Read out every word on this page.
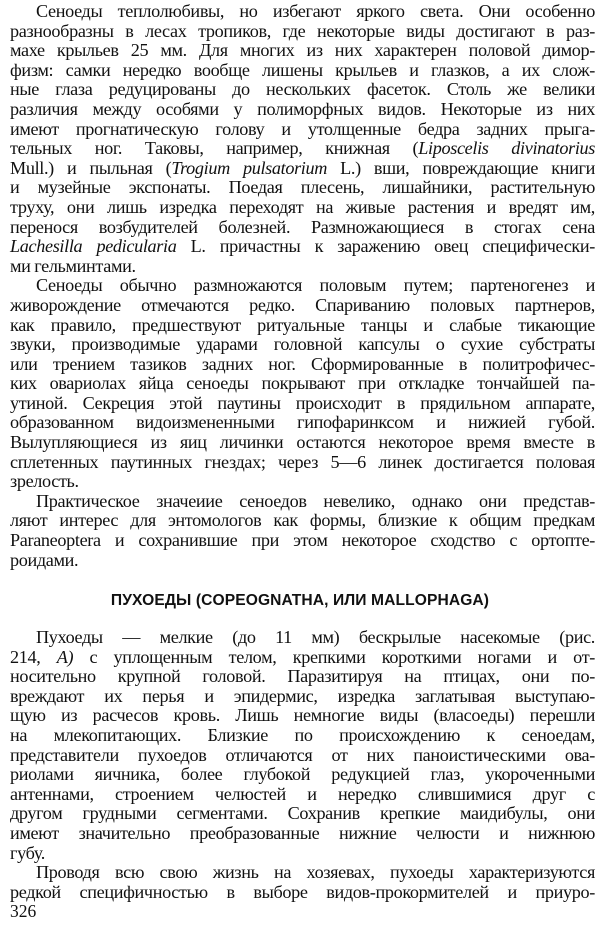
Сеноеды теплолюбивы, но избегают яркого света. Они особенно
разнообразны в лесах тропиков, где некоторые виды достигают в раз-
махе крыльев 25 мм. Для многих из них характерен половой димор-
физм: самки нередко вообще лишены крыльев и глазков, а их слож-
ные глаза редуцированы до нескольких фасеток. Столь же велики
различия между особями у полиморфных видов. Некоторые из них
имеют прогнатическую голову и утолщенные бедра задних прыга-
тельных ног. Таковы, например, книжная (Liposcelis divinatorius
Mull.) и пыльная (Trogium pulsatorium L.) вши, повреждающие книги
и музейные экспонаты. Поедая плесень, лишайники, растительную
труху, они лишь изредка переходят на живые растения и вредят им,
перенося возбудителей болезней. Размножающиеся в стогах сена
Lachesilla pedicularia L. причастны к заражению овец специфически-
ми гельминтами.
Сеноеды обычно размножаются половым путем; партеногенез и
живорождение отмечаются редко. Спариванию половых партнеров,
как правило, предшествуют ритуальные танцы и слабые тикающие
звуки, производимые ударами головной капсулы о сухие субстраты
или трением тазиков задних ног. Сформированные в политрофичес-
ких овариолах яйца сеноеды покрывают при откладке тончайшей па-
утиной. Секреция этой паутины происходит в прядильном аппарате,
образованном видоизмененными гипофаринксом и нижией губой.
Вылупляющиеся из яиц личинки остаются некоторое время вместе в
сплетенных паутинных гнездах; через 5—6 линек достигается половая
зрелость.
Практическое значеиие сеноедов невелико, однако они представ-
ляют интерес для энтомологов как формы, близкие к общим предкам
Paraneoptera и сохранившие при этом некоторое сходство с ортопте-
роидами.
ПУХОЕДЫ (COPEOGNATHA, ИЛИ MALLOPHAGA)
Пухоеды — мелкие (до 11 мм) бескрылые насекомые (рис.
214, А) с уплощенным телом, крепкими короткими ногами и от-
носительно крупной головой. Паразитируя на птицах, они по-
вреждают их перья и эпидермис, изредка заглатывая выступаю-
щую из расчесов кровь. Лишь немногие виды (власоеды) перешли
на млекопитающих. Близкие по происхождению к сеноедам,
представители пухоедов отличаются от них паноистическими ова-
риолами яичника, более глубокой редукцией глаз, укороченными
антеннами, строением челюстей и нередко слившимися друг с
другом грудными сегментами. Сохранив крепкие маидибулы, они
имеют значительно преобразованные нижние челюсти и нижнюю
губу.
Проводя всю свою жизнь на хозяевах, пухоеды характеризуются
редкой специфичностью в выборе видов-прокормителей и приуро-
326
